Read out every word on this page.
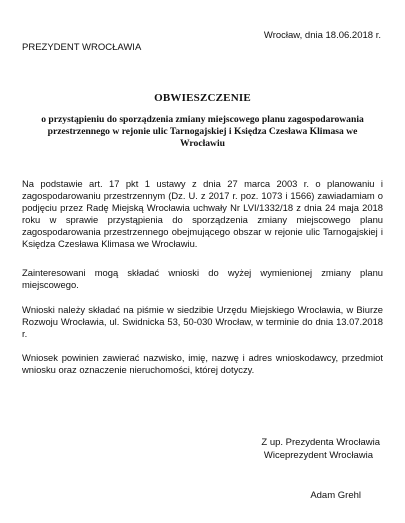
Wrocław, dnia 18.06.2018 r.
PREZYDENT WROCŁAWIA
OBWIESZCZENIE
o przystąpieniu do sporządzenia zmiany miejscowego planu zagospodarowania przestrzennego w rejonie ulic Tarnogajskiej i Księdza Czesława Klimasa we Wrocławiu

Na podstawie art. 17 pkt 1 ustawy z dnia 27 marca 2003 r. o planowaniu i zagospodarowaniu przestrzennym (Dz. U. z 2017 r. poz. 1073 i 1566) zawiadamiam o podjęciu przez Radę Miejską Wrocławia uchwały Nr LVI/1332/18 z dnia 24 maja 2018 roku w sprawie przystąpienia do sporządzenia zmiany miejscowego planu zagospodarowania przestrzennego obejmującego obszar w rejonie ulic Tarnogajskiej i Księdza Czesława Klimasa we Wrocławiu.

Zainteresowani mogą składać wnioski do wyżej wymienionej zmiany planu miejscowego.

Wnioski należy składać na piśmie w siedzibie Urzędu Miejskiego Wrocławia, w Biurze Rozwoju Wrocławia, ul. Swidnicka 53, 50-030 Wrocław, w terminie do dnia 13.07.2018 r.

Wniosek powinien zawierać nazwisko, imię, nazwę i adres wnioskodawcy, przedmiot wniosku oraz oznaczenie nieruchomości, której dotyczy.

Z up. Prezydenta Wrocławia
Wiceprezydent Wrocławia
Adam Grehl
